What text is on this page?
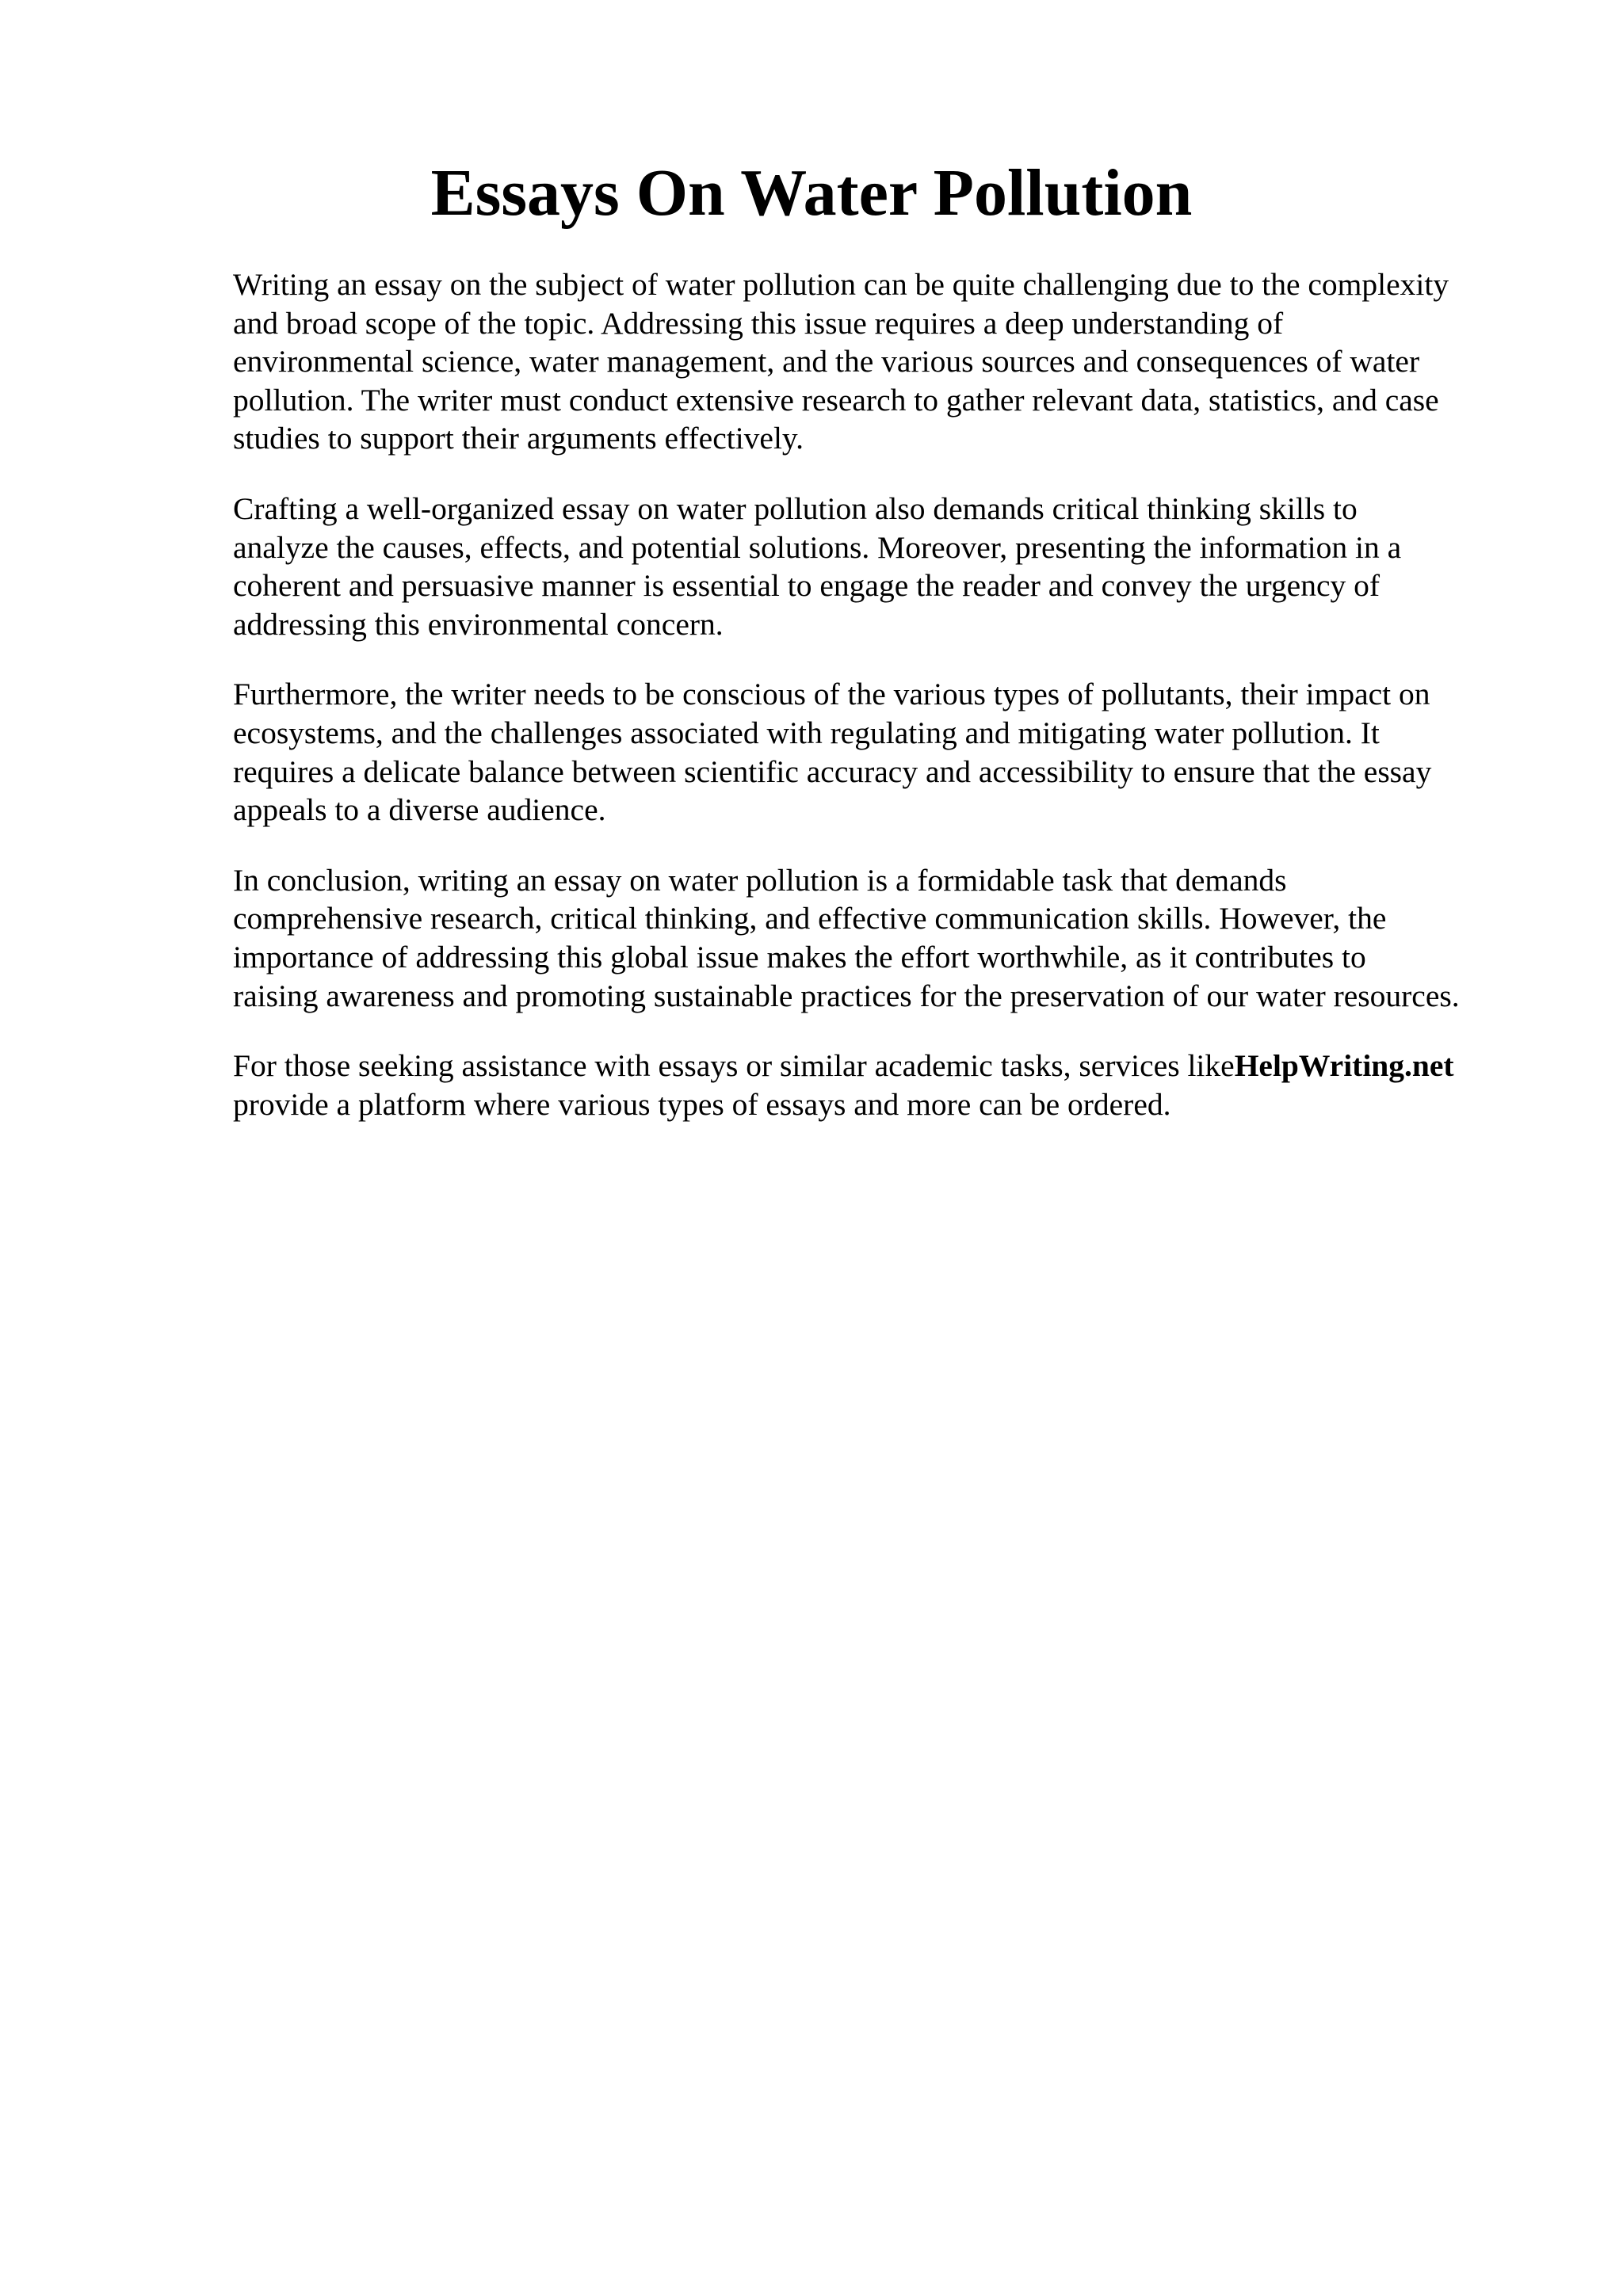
Essays On Water Pollution

Writing an essay on the subject of water pollution can be quite challenging due to the complexity
and broad scope of the topic. Addressing this issue requires a deep understanding of
environmental science, water management, and the various sources and consequences of water
pollution. The writer must conduct extensive research to gather relevant data, statistics, and case
studies to support their arguments effectively.

Crafting a well-organized essay on water pollution also demands critical thinking skills to
analyze the causes, effects, and potential solutions. Moreover, presenting the information in a
coherent and persuasive manner is essential to engage the reader and convey the urgency of
addressing this environmental concern.

Furthermore, the writer needs to be conscious of the various types of pollutants, their impact on
ecosystems, and the challenges associated with regulating and mitigating water pollution. It
requires a delicate balance between scientific accuracy and accessibility to ensure that the essay
appeals to a diverse audience.

In conclusion, writing an essay on water pollution is a formidable task that demands
comprehensive research, critical thinking, and effective communication skills. However, the
importance of addressing this global issue makes the effort worthwhile, as it contributes to
raising awareness and promoting sustainable practices for the preservation of our water resources.

For those seeking assistance with essays or similar academic tasks, services likeHelpWriting.net
provide a platform where various types of essays and more can be ordered.
